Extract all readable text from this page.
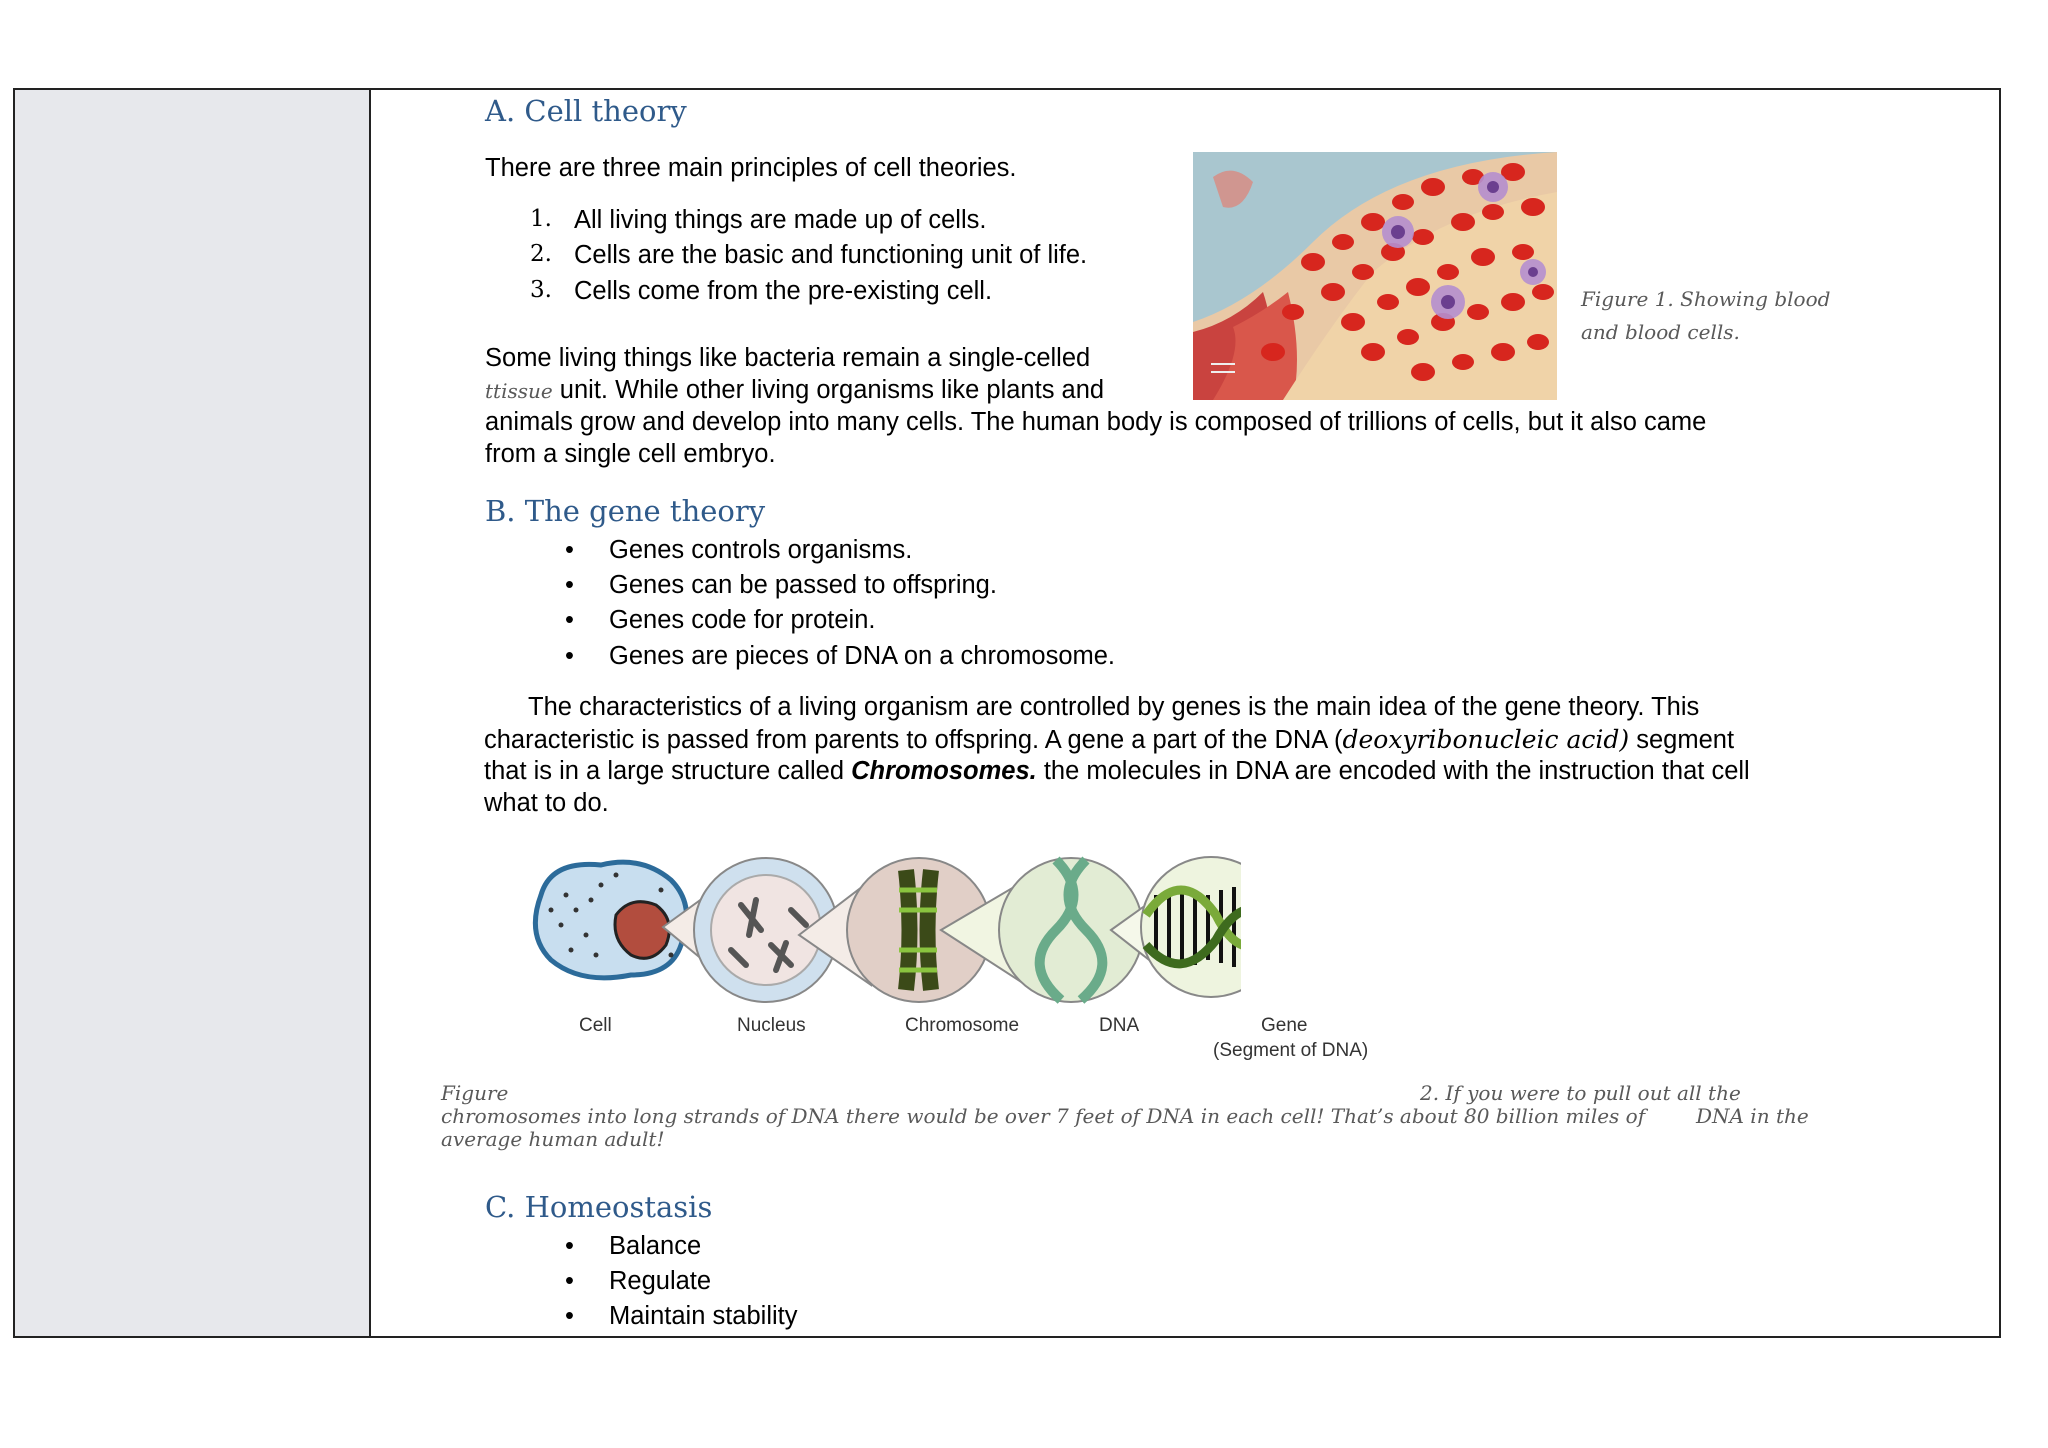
A. Cell theory
There are three main principles of cell theories.
1. All living things are made up of cells.
2. Cells are the basic and functioning unit of life.
3. Cells come from the pre-existing cell.	Figure 1. Showing blood
and blood cells.
Some living things like bacteria remain a single-celled
ttissue unit. While other living organisms like plants and
animals grow and develop into many cells. The human body is composed of trillions of cells, but it also came
from a single cell embryo.
B. The gene theory
• Genes controls organisms.
• Genes can be passed to offspring.
• Genes code for protein.
• Genes are pieces of DNA on a chromosome.
The characteristics of a living organism are controlled by genes is the main idea of the gene theory. This
characteristic is passed from parents to offspring. A gene a part of the DNA (deoxyribonucleic acid) segment
that is in a large structure called Chromosomes. the molecules in DNA are encoded with the instruction that cell
what to do.
Cell	Nucleus	Chromosome	DNA	Gene
(Segment of DNA)
Figure	2. If you were to pull out all the
chromosomes into long strands of DNA there would be over 7 feet of DNA in each cell! That’s about 80 billion miles of        DNA in the
average human adult!
C. Homeostasis
• Balance
• Regulate
• Maintain stability
